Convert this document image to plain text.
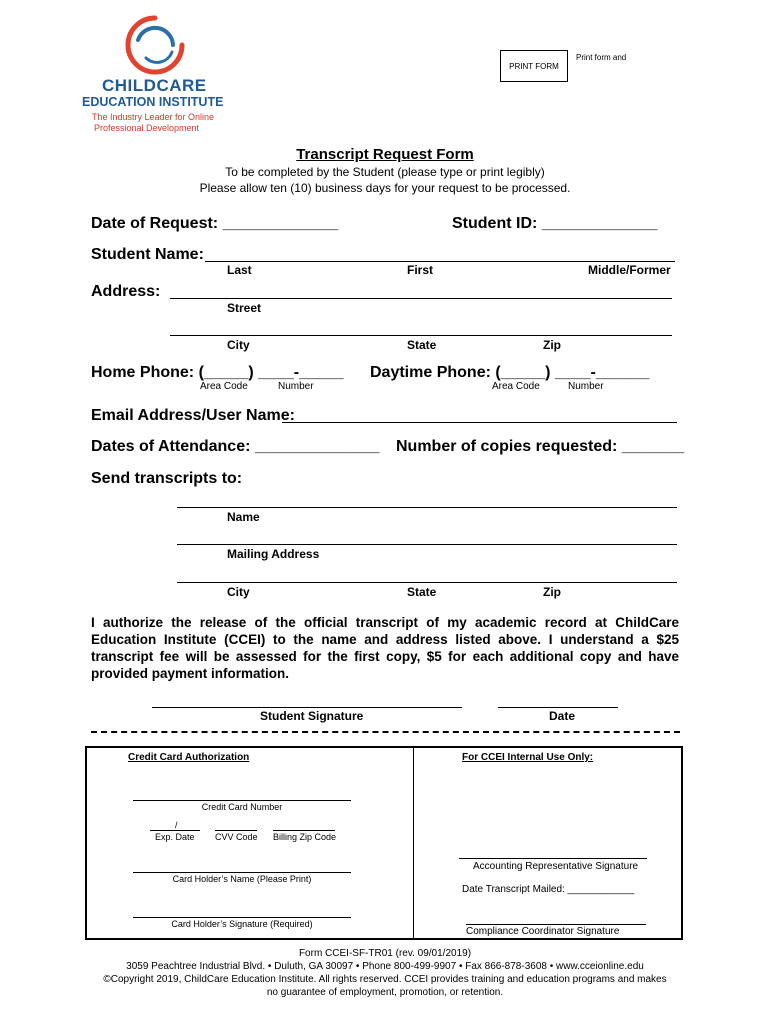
CHILDCARE
EDUCATION INSTITUTE
The Industry Leader for Online
Professional Development
PRINT FORM
Print form and
Transcript Request Form
To be completed by the Student (please type or print legibly)
Please allow ten (10) business days for your request to be processed.
Date of Request: _____________	Student ID: _____________
Student Name:
Last	First	Middle/Former
Address:
Street
City	State	Zip
Home Phone: (_____) ____-_____
Area Code	Number
Daytime Phone: (_____) ____-______
Area Code	Number
Email Address/User Name:
Dates of Attendance: ______________ Number of copies requested: _______
Send transcripts to:
Name
Mailing Address
City	State	Zip
I authorize the release of the official transcript of my academic record at ChildCare Education Institute (CCEI) to the name and address listed above. I understand a $25 transcript fee will be assessed for the first copy, $5 for each additional copy and have provided payment information.
Student Signature	Date
Credit Card Authorization
Credit Card Number
/
Exp. Date CVV Code Billing Zip Code
Card Holder’s Name (Please Print)
Card Holder’s Signature (Required)
For CCEI Internal Use Only:
Accounting Representative Signature
Date Transcript Mailed: ____________
Compliance Coordinator Signature
Form CCEI-SF-TR01 (rev. 09/01/2019)
3059 Peachtree Industrial Blvd. • Duluth, GA 30097 • Phone 800-499-9907 • Fax 866-878-3608 • www.cceionline.edu
©Copyright 2019, ChildCare Education Institute. All rights reserved. CCEI provides training and education programs and makes
no guarantee of employment, promotion, or retention.
